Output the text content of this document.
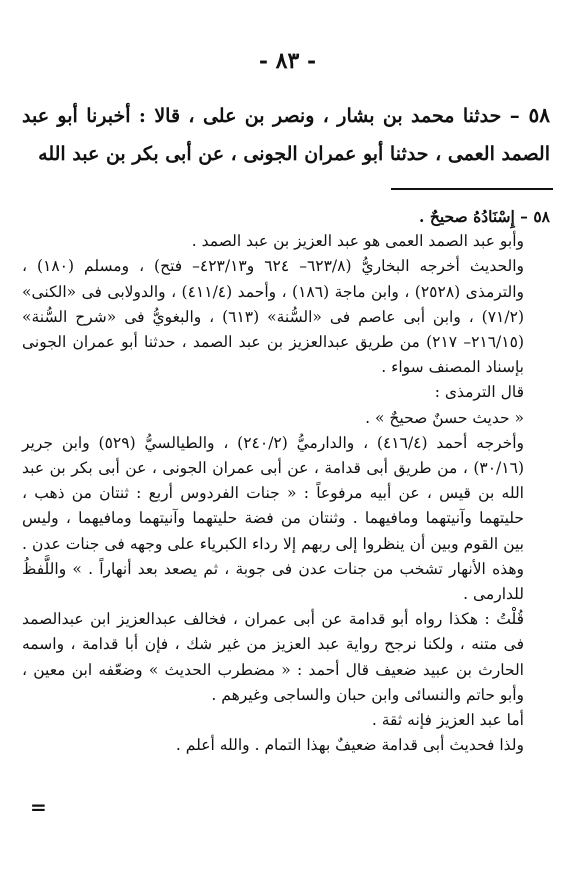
- ٨٣ -
٥٨ – حدثنا محمد بن بشار ، ونصر بن على ، قالا : أخبرنا أبو عبد الصمد العمى ، حدثنا أبو عمران الجونى ، عن أبى بكر بن عبد الله

٥٨ – إِسْنَادُهُ صحيحٌ .

وأبو عبد الصمد العمى هو عبد العزيز بن عبد الصمد .

والحديث أخرجه البخاريُّ (٦٢٣/٨– ٦٢٤ و٤٢٣/١٣– فتح) ، ومسلم (١٨٠) ، والترمذى (٢٥٢٨) ، وابن ماجة (١٨٦) ، وأحمد (٤١١/٤) ، والدولابى فى «الكنى» (٧١/٢) ، وابن أبى عاصم فى «السُّنة» (٦١٣) ، والبغويُّ فى «شرح السُّنة» (٢١٦/١٥– ٢١٧) من طريق عبدالعزيز بن عبد الصمد ، حدثنا أبو عمران الجونى بإسناد المصنف سواء .

قال الترمذى :

« حديث حسنٌ صحيحٌ » .

وأخرجه أحمد (٤١٦/٤) ، والدارميُّ (٢٤٠/٢) ، والطيالسيُّ (٥٢٩) وابن جرير (٣٠/١٦) ، من طريق أبى قدامة ، عن أبى عمران الجونى ، عن أبى بكر بن عبد الله بن قيس ، عن أبيه مرفوعاً : « جنات الفردوس أربع : ثنتان من ذهب ، حليتهما وآنيتهما ومافيهما . وثنتان من فضة حليتهما وآنيتهما ومافيهما ، وليس بين القوم وبين أن ينظروا إلى ربهم إلا رداء الكبرياء على وجهه فى جنات عدن . وهذه الأنهار تشخب من جنات عدن فى جوبة ، ثم يصعد بعد أنهاراً . » واللَّفظُ للدارمى .

قُلْتُ : هكذا رواه أبو قدامة عن أبى عمران ، فخالف عبدالعزيز ابن عبدالصمد فى متنه ، ولكنا نرجح رواية عبد العزيز من غير شك ، فإن أبا قدامة ، واسمه الحارث بن عبيد ضعيف قال أحمد : « مضطرب الحديث » وضعّفه ابن معين ، وأبو حاتم والنسائى وابن حبان والساجى وغيرهم .

أما عبد العزيز فإنه ثقة .

ولذا فحديث أبى قدامة ضعيفٌ بهذا التمام . والله أعلم .

=
